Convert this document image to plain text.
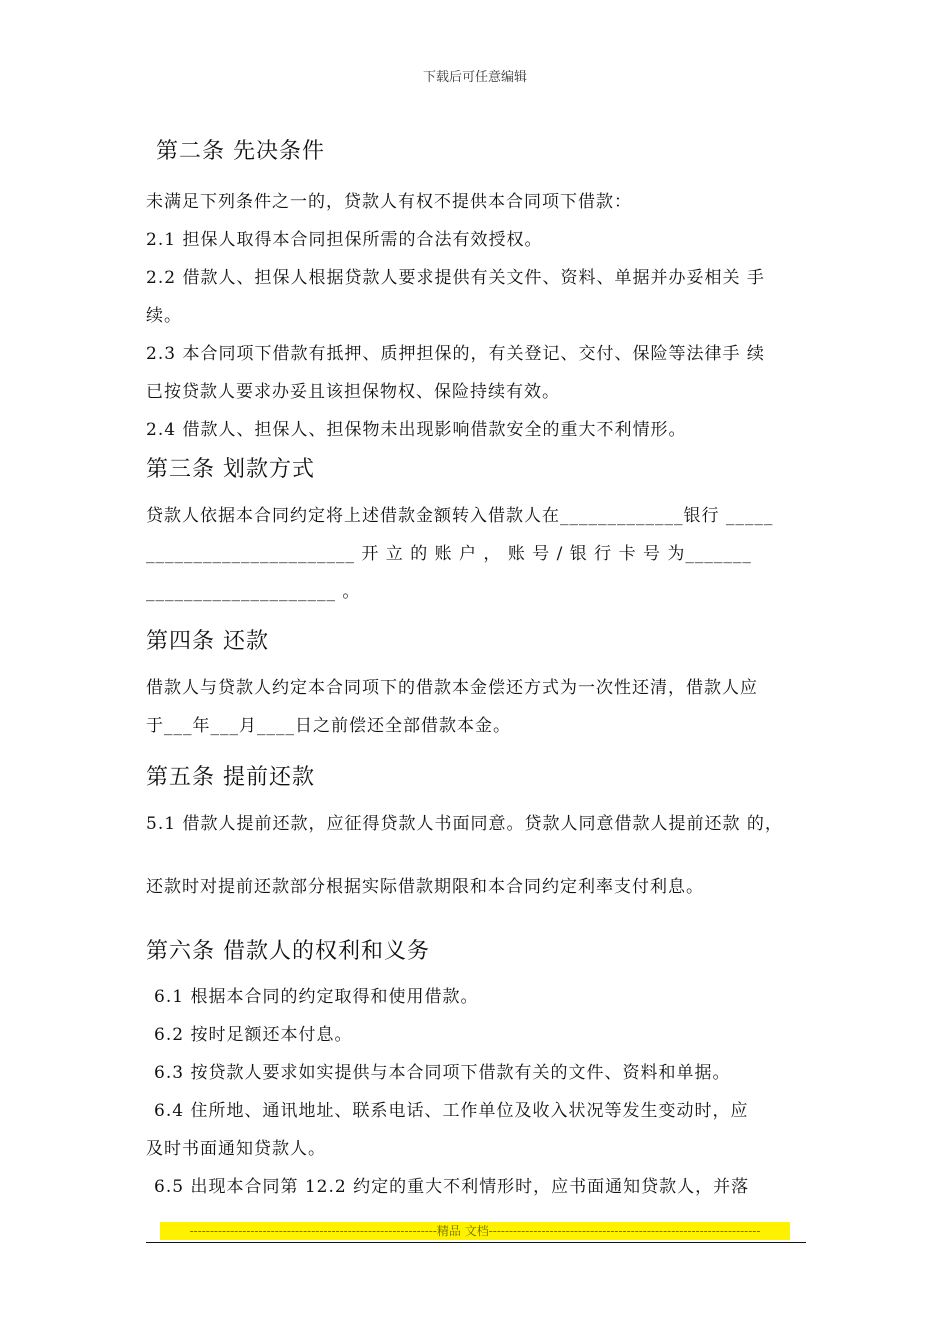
下载后可任意编辑
第二条 先决条件
未满足下列条件之一的，贷款人有权不提供本合同项下借款：
2.1 担保人取得本合同担保所需的合法有效授权。
2.2 借款人、担保人根据贷款人要求提供有关文件、资料、单据并办妥相关 手
续。
2.3 本合同项下借款有抵押、质押担保的，有关登记、交付、保险等法律手 续
已按贷款人要求办妥且该担保物权、保险持续有效。
2.4 借款人、担保人、担保物未出现影响借款安全的重大不利情形。
第三条 划款方式
贷款人依据本合同约定将上述借款金额转入借款人在_____________银行 _____
______________________ 开 立 的 账 户 ， 账 号 / 银 行 卡 号 为_______
____________________ 。
第四条 还款
借款人与贷款人约定本合同项下的借款本金偿还方式为一次性还清，借款人应
于___年___月____日之前偿还全部借款本金。
第五条 提前还款
5.1 借款人提前还款，应征得贷款人书面同意。贷款人同意借款人提前还款 的，
还款时对提前还款部分根据实际借款期限和本合同约定利率支付利息。
第六条 借款人的权利和义务
6.1 根据本合同的约定取得和使用借款。
6.2 按时足额还本付息。
6.3 按贷款人要求如实提供与本合同项下借款有关的文件、资料和单据。
6.4 住所地、通讯地址、联系电话、工作单位及收入状况等发生变动时，应
及时书面通知贷款人。
6.5 出现本合同第 12.2 约定的重大不利情形时，应书面通知贷款人，并落
-------------------------------------------------------------精品 文档-------------------------------------------------------------------
